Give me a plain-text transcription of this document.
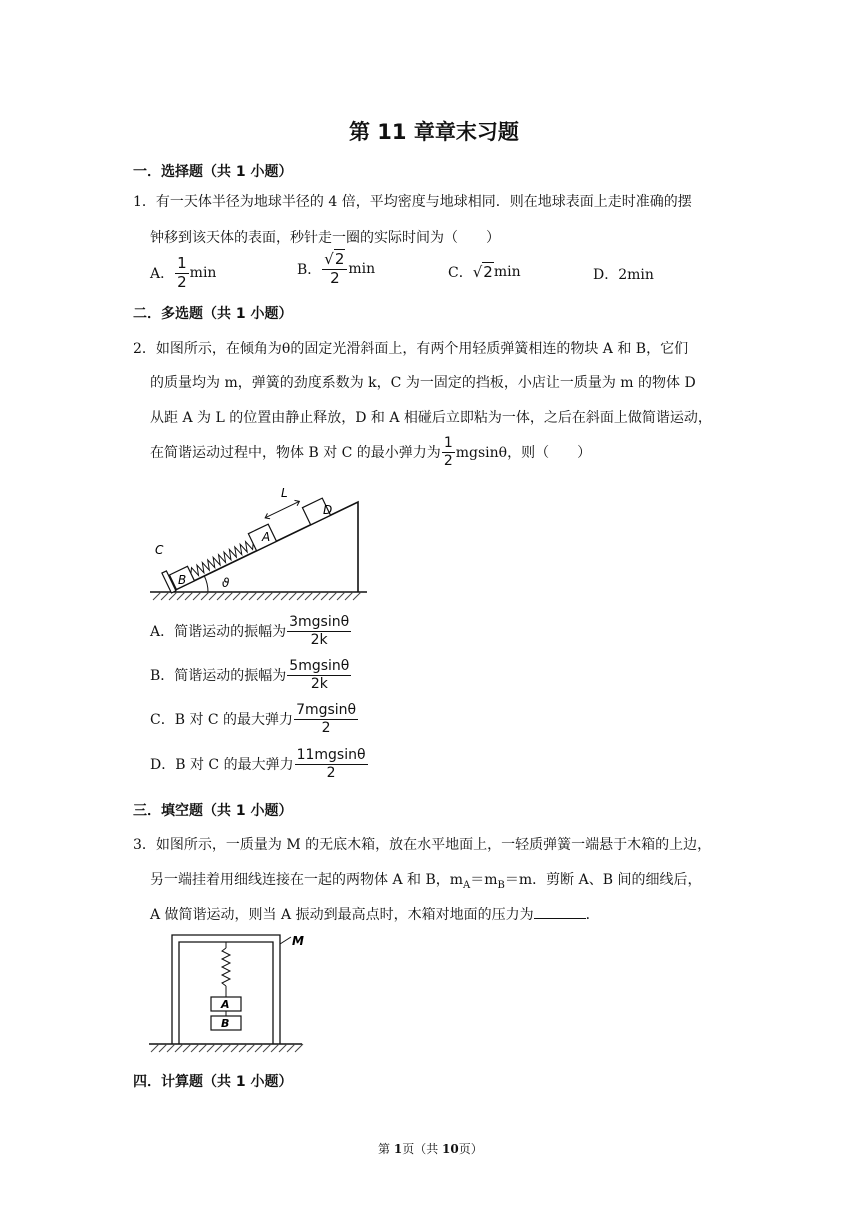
第 11 章章末习题
一．选择题（共 1 小题）
1．有一天体半径为地球半径的 4 倍，平均密度与地球相同．则在地球表面上走时准确的摆
钟移到该天体的表面，秒针走一圈的实际时间为（　　）
A． $\frac{1}{2}$ min	B． $\frac{√2}{2}$ min	C． √2 min	D．2min
二．多选题（共 1 小题）
2．如图所示，在倾角为θ的固定光滑斜面上，有两个用轻质弹簧相连的物块 A 和 B，它们
的质量均为 m，弹簧的劲度系数为 k，C 为一固定的挡板，小店让一质量为 m 的物体 D
从距 A 为 L 的位置由静止释放，D 和 A 相碰后立即粘为一体，之后在斜面上做简谐运动，
在简谐运动过程中，物体 B 对 C 的最小弹力为 $\frac{1}{2}$ mgsinθ，则（　　）
C
B
A
D
L
ϑ
A．简谐运动的振幅为 $\frac{3mgsin\theta}{2k}$
B．简谐运动的振幅为 $\frac{5mgsin\theta}{2k}$
C．B 对 C 的最大弹力 $\frac{7mgsin\theta}{2}$
D．B 对 C 的最大弹力 $\frac{11mgsin\theta}{2}$
三．填空题（共 1 小题）
3．如图所示，一质量为 M 的无底木箱，放在水平地面上，一轻质弹簧一端悬于木箱的上边，
另一端挂着用细线连接在一起的两物体 A 和 B，$m_A=m_B=m$．剪断 A、B 间的细线后，
A 做简谐运动，则当 A 振动到最高点时，木箱对地面的压力为	．
M
A
B
四．计算题（共 1 小题）
第 1页（共 10页）
